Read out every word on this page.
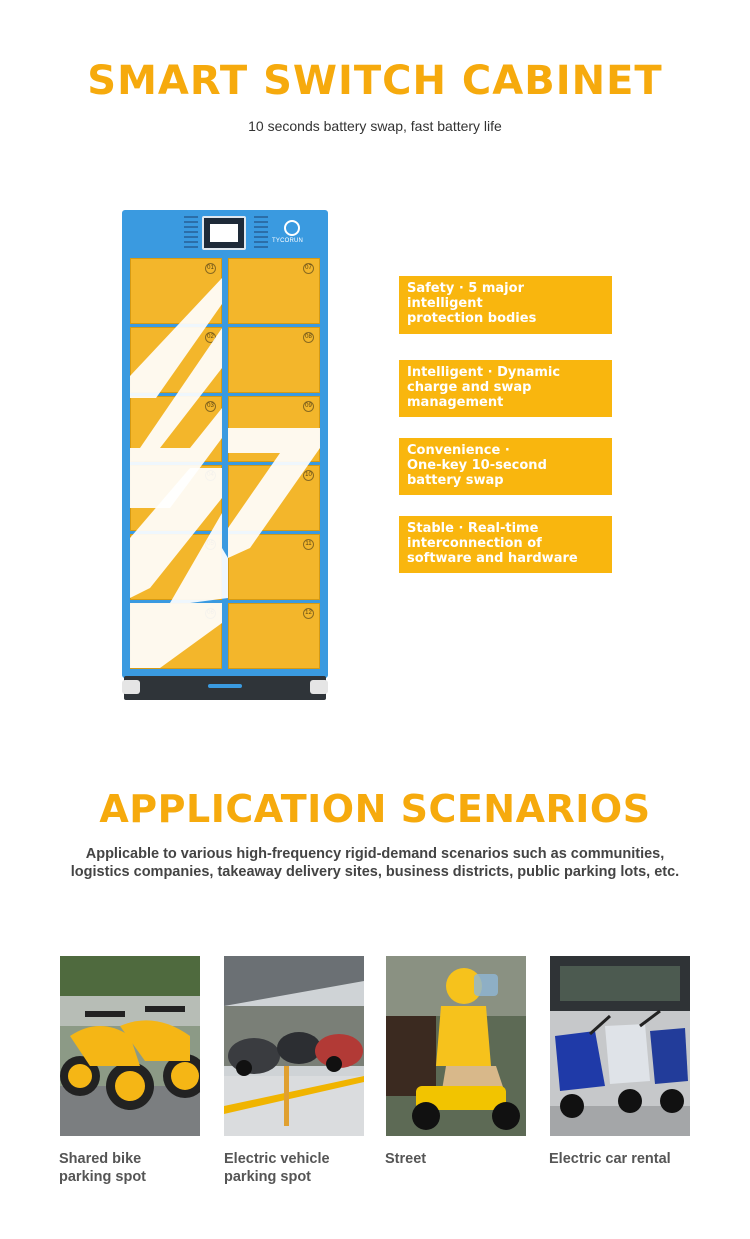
SMART SWITCH CABINET
10 seconds battery swap, fast battery life
TYCORUN
01
02
03
07
08
09
10
11
12
Safety · 5 major
intelligent
protection bodies
Intelligent · Dynamic
charge and swap
management
Convenience ·
One-key 10-second
battery swap
Stable · Real-time
interconnection of
software and hardware
APPLICATION SCENARIOS
Applicable to various high-frequency rigid-demand scenarios such as communities, logistics companies, takeaway delivery sites, business districts, public parking lots, etc.
Shared bike
parking spot
Electric vehicle
parking spot
Street	Electric car rental
